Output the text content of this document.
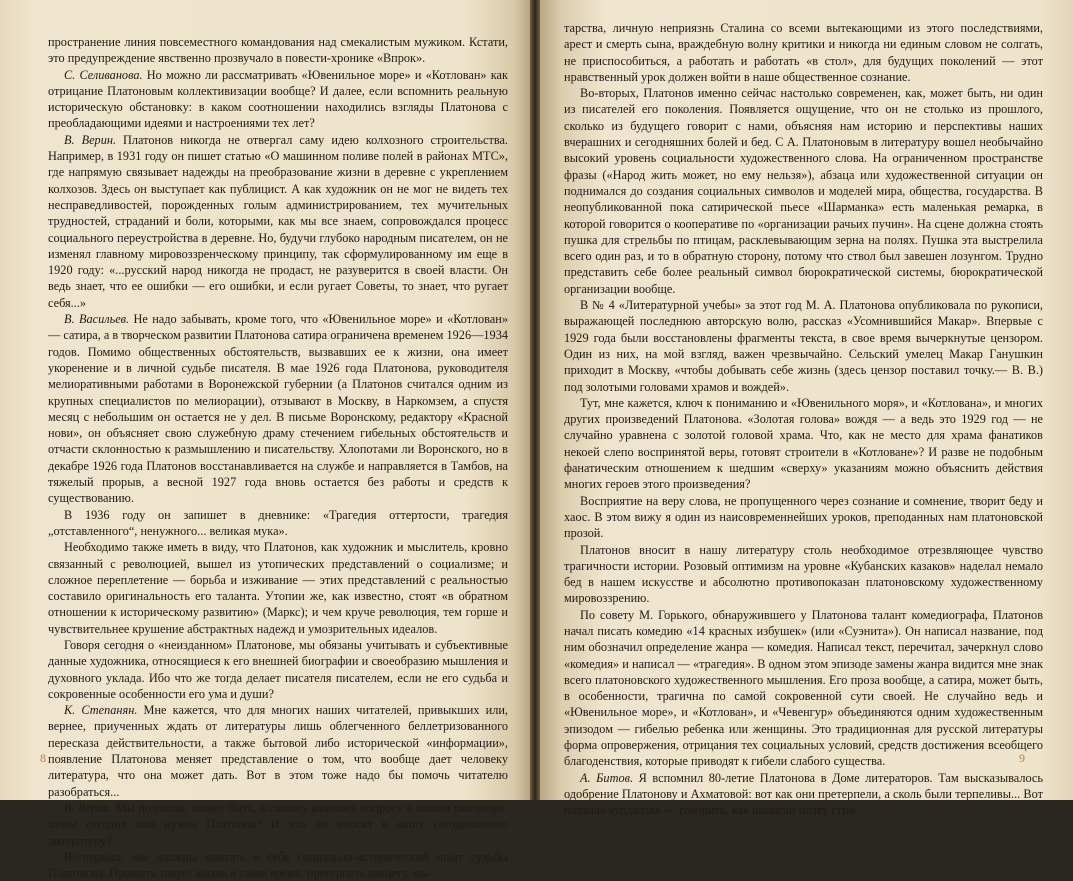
пространение линия повсеместного командования над смекалистым мужиком. Кстати, это предупреждение явственно прозвучало в повести-хронике «Впрок».

С. Селиванова. Но можно ли рассматривать «Ювенильное море» и «Котлован» как отрицание Платоновым коллективизации вообще? И далее, если вспомнить реальную историческую обстановку: в каком соотношении находились взгляды Платонова с преобладающими идеями и настроениями тех лет?

В. Верин. Платонов никогда не отвергал саму идею колхозного строительства. Например, в 1931 году он пишет статью «О машинном поливе полей в районах МТС», где напрямую связывает надежды на преобразование жизни в деревне с укреплением колхозов. Здесь он выступает как публицист. А как художник он не мог не видеть тех несправедливостей, порожденных голым администрированием, тех мучительных трудностей, страданий и боли, которыми, как мы все знаем, сопровождался процесс социального переустройства в деревне. Но, будучи глубоко народным писателем, он не изменял главному мировоззренческому принципу, так сформулированному им еще в 1920 году: «...русский народ никогда не продаст, не разуверится в своей власти. Он ведь знает, что ее ошибки — его ошибки, и если ругает Советы, то знает, что ругает себя...»

В. Васильев. Не надо забывать, кроме того, что «Ювенильное море» и «Котлован» — сатира, а в творческом развитии Платонова сатира ограничена временем 1926—1934 годов. Помимо общественных обстоятельств, вызвавших ее к жизни, она имеет укоренение и в личной судьбе писателя. В мае 1926 года Платонова, руководителя мелиоративными работами в Воронежской губернии (а Платонов считался одним из крупных специалистов по мелиорации), отзывают в Москву, в Наркомзем, а спустя месяц с небольшим он остается не у дел. В письме Воронскому, редактору «Красной нови», он объясняет свою служебную драму стечением гибельных обстоятельств и отчасти склонностью к размышлению и писательству. Хлопотами ли Воронского, но в декабре 1926 года Платонов восстанавливается на службе и направляется в Тамбов, на тяжелый прорыв, а весной 1927 года вновь остается без работы и средств к существованию.

В 1936 году он запишет в дневнике: «Трагедия оттертости, трагедия „отставленного“, ненужного... великая мука».

Необходимо также иметь в виду, что Платонов, как художник и мыслитель, кровно связанный с революцией, вышел из утопических представлений о социализме; и сложное переплетение — борьба и изживание — этих представлений с реальностью составило оригинальность его таланта. Утопии же, как известно, стоят «в обратном отношении к историческому развитию» (Маркс); и чем круче революция, тем горше и чувствительнее крушение абстрактных надежд и умозрительных идеалов.

Говоря сегодня о «неизданном» Платонове, мы обязаны учитывать и субъективные данные художника, относящиеся к его внешней биографии и своеобразию мышления и духовного уклада. Ибо что же тогда делает писателя писателем, если не его судьба и сокровенные особенности его ума и души?

К. Степанян. Мне кажется, что для многих наших читателей, привыкших или, вернее, приученных ждать от литературы лишь облегченного беллетризованного пересказа действительности, а также бытовой либо исторической «информации», появление Платонова меняет представление о том, что вообще дает человеку литература, что она может дать. Вот в этом тоже надо бы помочь читателю разобраться...

В. Верин. Мы подошли, может быть, к самому важному вопросу в нашем разговоре: зачем сегодня нам нужен Платонов? И что он вносит в нашу сегодняшнюю литературу?

Во-первых, мы должны впитать в себя социально-исторический опыт судьбы Платонова. Прожить такую жизнь в такое время, претерпеть нищету, мы-

8

тарства, личную неприязнь Сталина со всеми вытекающими из этого последствиями, арест и смерть сына, враждебную волну критики и никогда ни единым словом не солгать, не приспособиться, а работать и работать «в стол», для будущих поколений — этот нравственный урок должен войти в наше общественное сознание.

Во-вторых, Платонов именно сейчас настолько современен, как, может быть, ни один из писателей его поколения. Появляется ощущение, что он не столько из прошлого, сколько из будущего говорит с нами, объясняя нам историю и перспективы наших вчерашних и сегодняшних болей и бед. С А. Платоновым в литературу вошел необычайно высокий уровень социальности художественного слова. На ограниченном пространстве фразы («Народ жить может, но ему нельзя»), абзаца или художественной ситуации он поднимался до создания социальных символов и моделей мира, общества, государства. В неопубликованной пока сатирической пьесе «Шарманка» есть маленькая ремарка, в которой говорится о кооперативе по «организации рачьих пучин». На сцене должна стоять пушка для стрельбы по птицам, расклевывающим зерна на полях. Пушка эта выстрелила всего один раз, и то в обратную сторону, потому что ствол был завешен лозунгом. Трудно представить себе более реальный символ бюрократической системы, бюрократической организации вообще.

В № 4 «Литературной учебы» за этот год М. А. Платонова опубликовала по рукописи, выражающей последнюю авторскую волю, рассказ «Усомнившийся Макар». Впервые с 1929 года были восстановлены фрагменты текста, в свое время вычеркнутые цензором. Один из них, на мой взгляд, важен чрезвычайно. Сельский умелец Макар Ганушкин приходит в Москву, «чтобы добывать себе жизнь (здесь цензор поставил точку.— В. В.) под золотыми головами храмов и вождей».

Тут, мне кажется, ключ к пониманию и «Ювенильного моря», и «Котлована», и многих других произведений Платонова. «Золотая голова» вождя — а ведь это 1929 год — не случайно уравнена с золотой головой храма. Что, как не место для храма фанатиков некоей слепо воспринятой веры, готовят строители в «Котловане»? И разве не подобным фанатическим отношением к шедшим «сверху» указаниям можно объяснить действия многих героев этого произведения?

Восприятие на веру слова, не пропущенного через сознание и сомнение, творит беду и хаос. В этом вижу я один из наисовременнейших уроков, преподанных нам платоновской прозой.

Платонов вносит в нашу литературу столь необходимое отрезвляющее чувство трагичности истории. Розовый оптимизм на уровне «Кубанских казаков» наделал немало бед в нашем искусстве и абсолютно противопоказан платоновскому художественному мировоззрению.

По совету М. Горького, обнаружившего у Платонова талант комедиографа, Платонов начал писать комедию «14 красных избушек» (или «Суэнита»). Он написал название, под ним обозначил определение жанра — комедия. Написал текст, перечитал, зачеркнул слово «комедия» и написал — «трагедия». В одном этом эпизоде замены жанра видится мне знак всего платоновского художественного мышления. Его проза вообще, а сатира, может быть, в особенности, трагична по самой сокровенной сути своей. Не случайно ведь и «Ювенильное море», и «Котлован», и «Чевенгур» объединяются одним художественным эпизодом — гибелью ребенка или женщины. Это традиционная для русской литературы форма опровержения, отрицания тех социальных условий, средств достижения всеобщего благоденствия, которые приводят к гибели слабого существа.

А. Битов. Я вспомнил 80-летие Платонова в Доме литераторов. Там высказывалось одобрение Платонову и Ахматовой: вот как они претерпели, а сколь были терпеливы... Вот похвала вурдалака — говорить, как помогли поэту стра-

9
